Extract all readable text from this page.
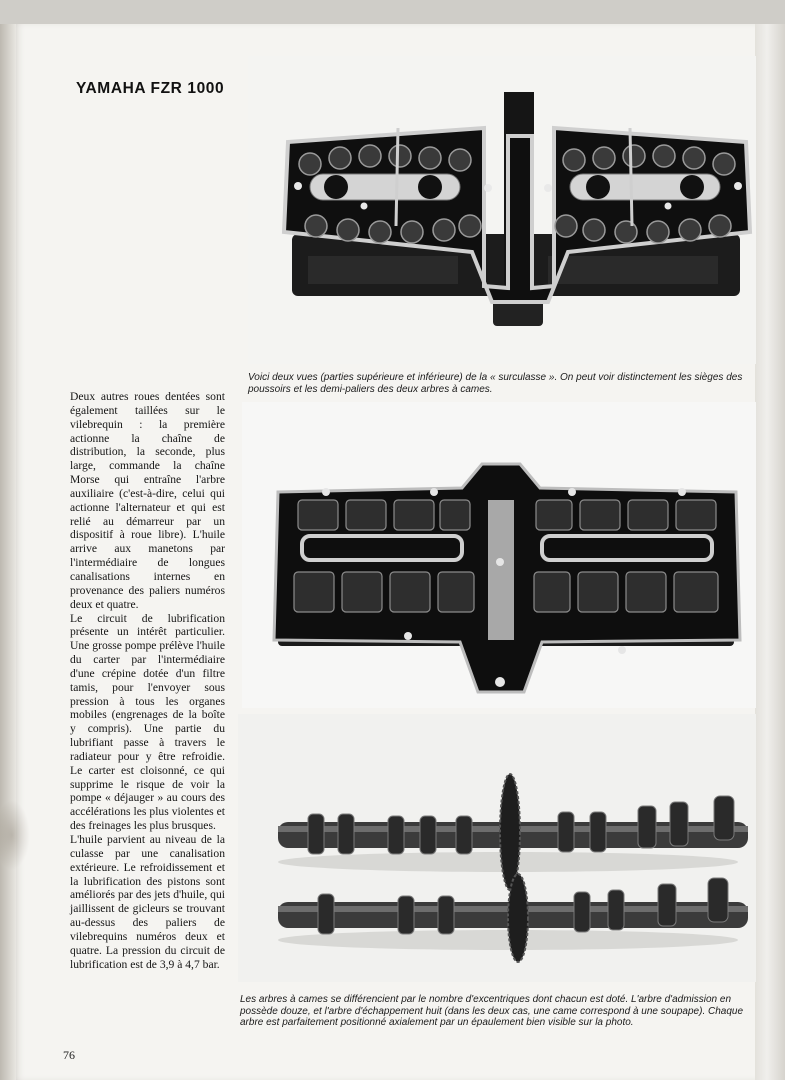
YAMAHA FZR 1000

Voici deux vues (parties supérieure et inférieure) de la « surculasse ». On peut voir distinctement les sièges des poussoirs et les demi-paliers des deux arbres à cames.

Les arbres à cames se différencient par le nombre d'excentriques dont chacun est doté. L'arbre d'admission en possède douze, et l'arbre d'échappement huit (dans les deux cas, une came correspond à une soupape). Chaque arbre est parfaitement positionné axialement par un épaulement bien visible sur la photo.

Deux autres roues dentées sont également taillées sur le vilebrequin : la première actionne la chaîne de distribution, la seconde, plus large, commande la chaîne Morse qui entraîne l'arbre auxiliaire (c'est-à-dire, celui qui actionne l'alternateur et qui est relié au démarreur par un dispositif à roue libre). L'huile arrive aux manetons par l'intermédiaire de longues canalisations internes en provenance des paliers numéros deux et quatre.

Le circuit de lubrification présente un intérêt particulier. Une grosse pompe prélève l'huile du carter par l'intermédiaire d'une crépine dotée d'un filtre tamis, pour l'envoyer sous pression à tous les organes mobiles (engrenages de la boîte y compris). Une partie du lubrifiant passe à travers le radiateur pour y être refroidie. Le carter est cloisonné, ce qui supprime le risque de voir la pompe « déjauger » au cours des accélérations les plus violentes et des freinages les plus brusques.

L'huile parvient au niveau de la culasse par une canalisation extérieure. Le refroidissement et la lubrification des pistons sont améliorés par des jets d'huile, qui jaillissent de gicleurs se trouvant au-dessus des paliers de vilebrequins numéros deux et quatre. La pression du circuit de lubrification est de 3,9 à 4,7 bar.

76
